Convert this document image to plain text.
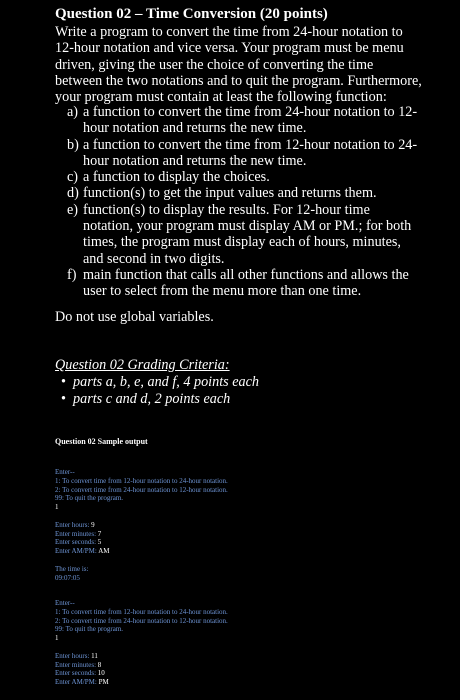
Question 02 – Time Conversion (20 points)

Write a program to convert the time from 24-hour notation to

12-hour notation and vice versa. Your program must be menu

driven, giving the user the choice of converting the time

between the two notations and to quit the program. Furthermore,

your program must contain at least the following function:

a) a function to convert the time from 24-hour notation to 12-
hour notation and returns the new time.
b) a function to convert the time from 12-hour notation to 24-
hour notation and returns the new time.
c) a function to display the choices.
d) function(s) to get the input values and returns them.
e) function(s) to display the results. For 12-hour time
notation, your program must display AM or PM.; for both
times, the program must display each of hours, minutes,
and second in two digits.
f) main function that calls all other functions and allows the
user to select from the menu more than one time.
Do not use global variables.
Question 02 Grading Criteria:
• parts a, b, e, and f, 4 points each
• parts c and d, 2 points each
Question 02 Sample output
Enter--
1: To convert time from 12-hour notation to 24-hour notation.
2: To convert time from 24-hour notation to 12-hour notation.
99: To quit the program.
1
Enter hours: 9
Enter minutes: 7
Enter seconds: 5
Enter AM/PM: AM
The time is:
09:07:05
Enter--
1: To convert time from 12-hour notation to 24-hour notation.
2: To convert time from 24-hour notation to 12-hour notation.
99: To quit the program.
1
Enter hours: 11
Enter minutes: 8
Enter seconds: 10
Enter AM/PM: PM
